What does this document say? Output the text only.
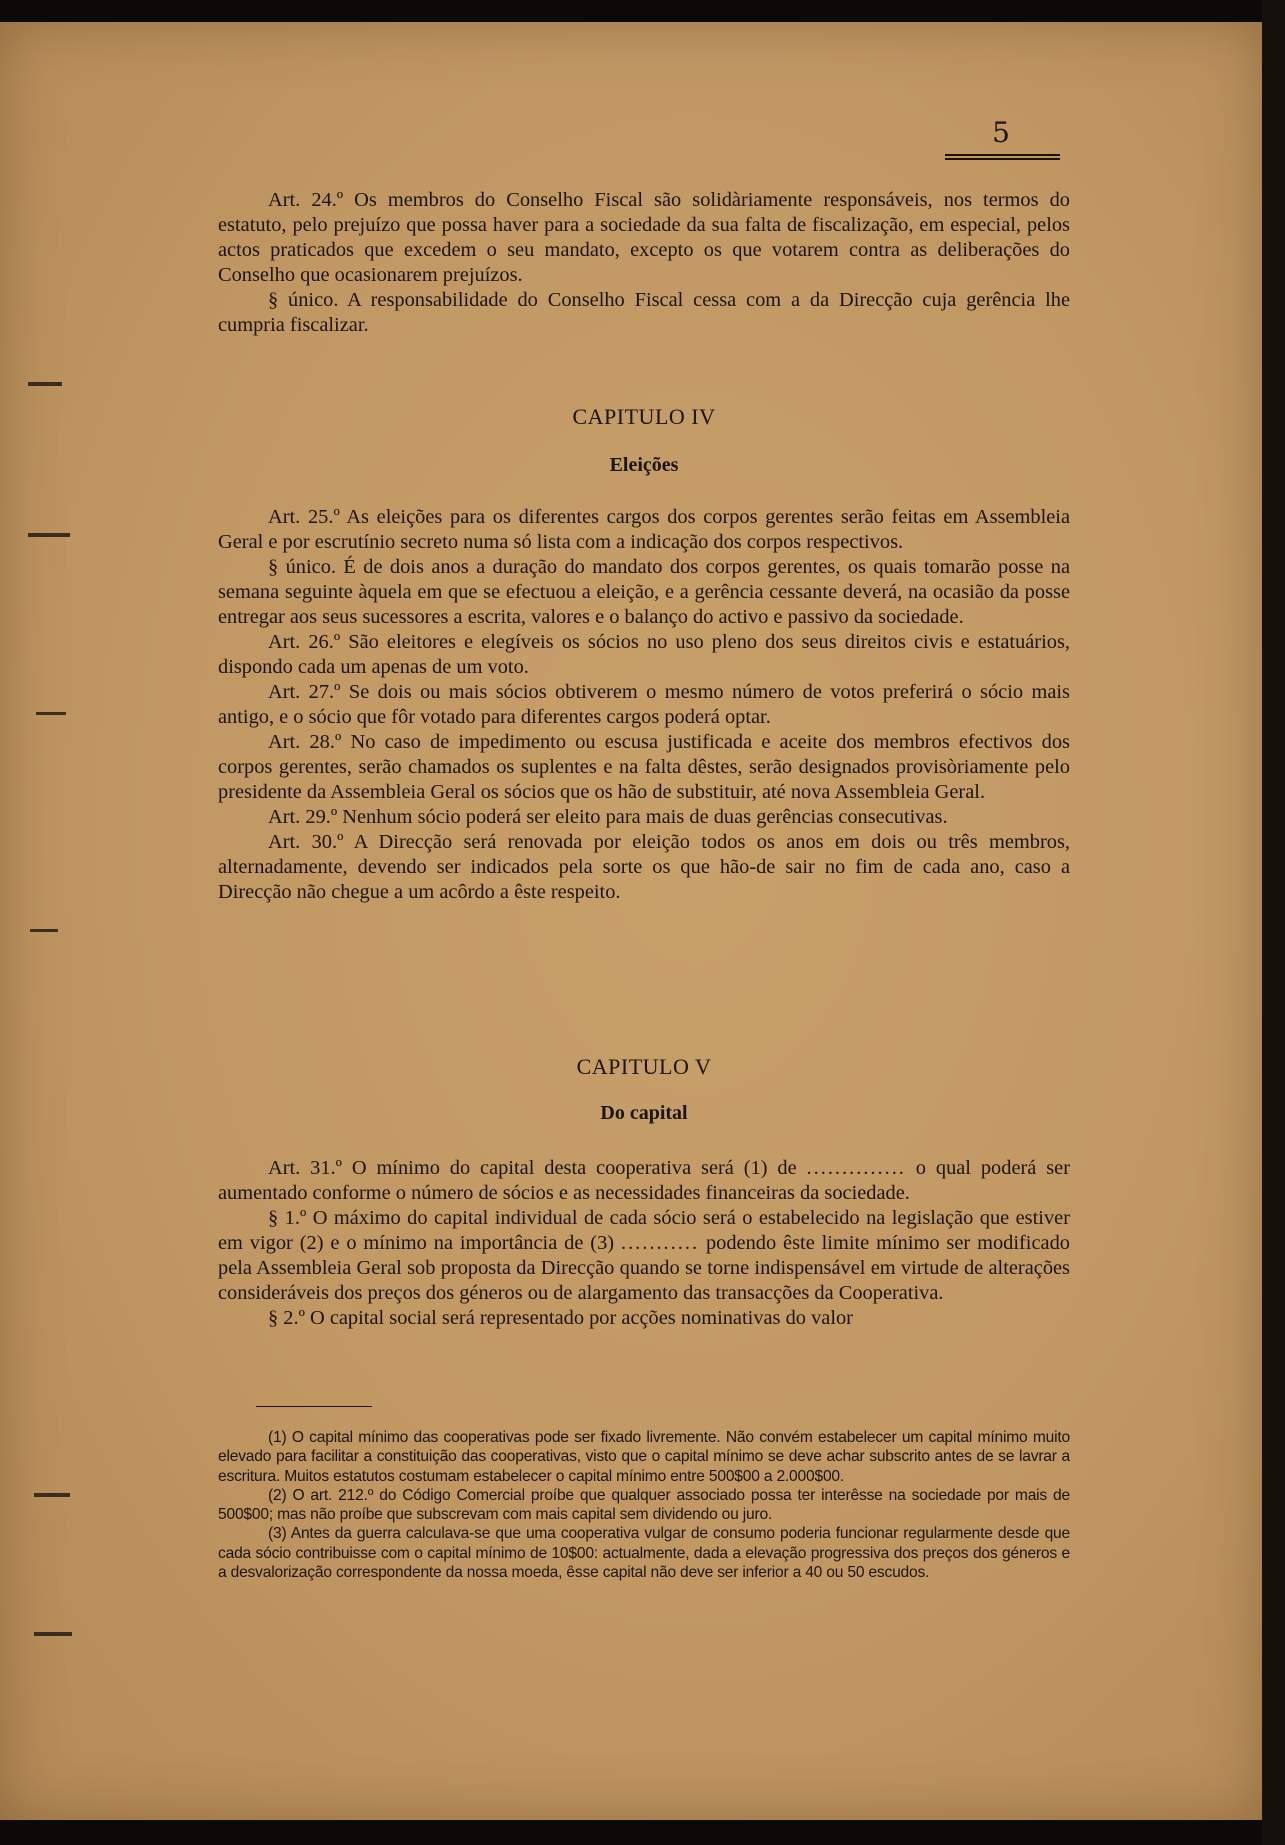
5

Art. 24.º Os membros do Conselho Fiscal são solidàriamente responsáveis, nos termos do estatuto, pelo prejuízo que possa haver para a sociedade da sua falta de fiscalização, em especial, pelos actos praticados que excedem o seu mandato, excepto os que votarem contra as deliberações do Conselho que ocasionarem prejuízos.

§ único. A responsabilidade do Conselho Fiscal cessa com a da Direcção cuja gerência lhe cumpria fiscalizar.

CAPITULO IV
Eleições

Art. 25.º As eleições para os diferentes cargos dos corpos gerentes serão feitas em Assembleia Geral e por escrutínio secreto numa só lista com a indicação dos corpos respectivos.

§ único. É de dois anos a duração do mandato dos corpos gerentes, os quais tomarão posse na semana seguinte àquela em que se efectuou a eleição, e a gerência cessante deverá, na ocasião da posse entregar aos seus sucessores a escrita, valores e o balanço do activo e passivo da sociedade.

Art. 26.º São eleitores e elegíveis os sócios no uso pleno dos seus direitos civis e estatuários, dispondo cada um apenas de um voto.

Art. 27.º Se dois ou mais sócios obtiverem o mesmo número de votos preferirá o sócio mais antigo, e o sócio que fôr votado para diferentes cargos poderá optar.

Art. 28.º No caso de impedimento ou escusa justificada e aceite dos membros efectivos dos corpos gerentes, serão chamados os suplentes e na falta dêstes, serão designados provisòriamente pelo presidente da Assembleia Geral os sócios que os hão de substituir, até nova Assembleia Geral.

Art. 29.º Nenhum sócio poderá ser eleito para mais de duas gerências consecutivas.

Art. 30.º A Direcção será renovada por eleição todos os anos em dois ou três membros, alternadamente, devendo ser indicados pela sorte os que hão-de sair no fim de cada ano, caso a Direcção não chegue a um acôrdo a êste respeito.

CAPITULO V
Do capital

Art. 31.º O mínimo do capital desta cooperativa será (1) de .............. o qual poderá ser aumentado conforme o número de sócios e as necessidades financeiras da sociedade.

§ 1.º O máximo do capital individual de cada sócio será o estabelecido na legislação que estiver em vigor (2) e o mínimo na importância de (3) ........... podendo êste limite mínimo ser modificado pela Assembleia Geral sob proposta da Direcção quando se torne indispensável em virtude de alterações consideráveis dos preços dos géneros ou de alargamento das transacções da Cooperativa.

§ 2.º O capital social será representado por acções nominativas do valor

(1) O capital mínimo das cooperativas pode ser fixado livremente. Não convém estabelecer um capital mínimo muito elevado para facilitar a constituição das cooperativas, visto que o capital mínimo se deve achar subscrito antes de se lavrar a escritura. Muitos estatutos costumam estabelecer o capital mínimo entre 500$00 a 2.000$00.

(2) O art. 212.º do Código Comercial proíbe que qualquer associado possa ter interêsse na sociedade por mais de 500$00; mas não proíbe que subscrevam com mais capital sem dividendo ou juro.

(3) Antes da guerra calculava-se que uma cooperativa vulgar de consumo poderia funcionar regularmente desde que cada sócio contribuisse com o capital mínimo de 10$00: actualmente, dada a elevação progressiva dos preços dos géneros e a desvalorização correspondente da nossa moeda, êsse capital não deve ser inferior a 40 ou 50 escudos.
